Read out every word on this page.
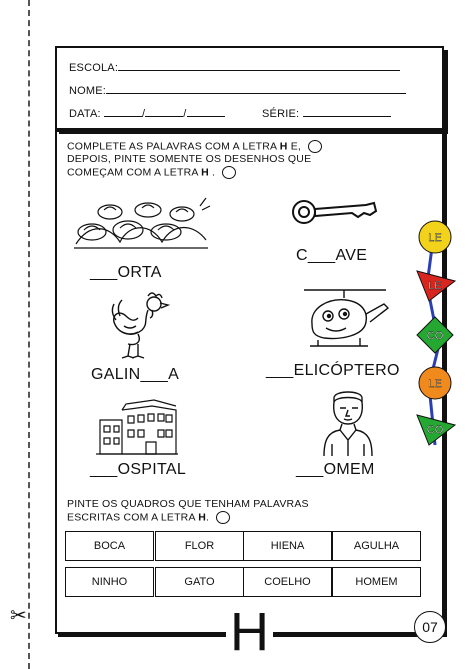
✂
ESCOLA:
NOME:
DATA:	/	/	SÉRIE:
COMPLETE AS PALAVRAS COM A LETRA H E,
DEPOIS, PINTE SOMENTE OS DESENHOS QUE
COMEÇAM COM A LETRA H .
___ORTA
C___AVE
GALIN___A	___ELICÓPTERO
___OSPITAL	___OMEM
PINTE OS QUADROS QUE TENHAM PALAVRAS
ESCRITAS COM A LETRA H.
BOCA	FLOR	HIENA	AGULHA
NINHO	GATO	COELHO	HOMEM
H	07
LE
LE
CO
LE
CO
